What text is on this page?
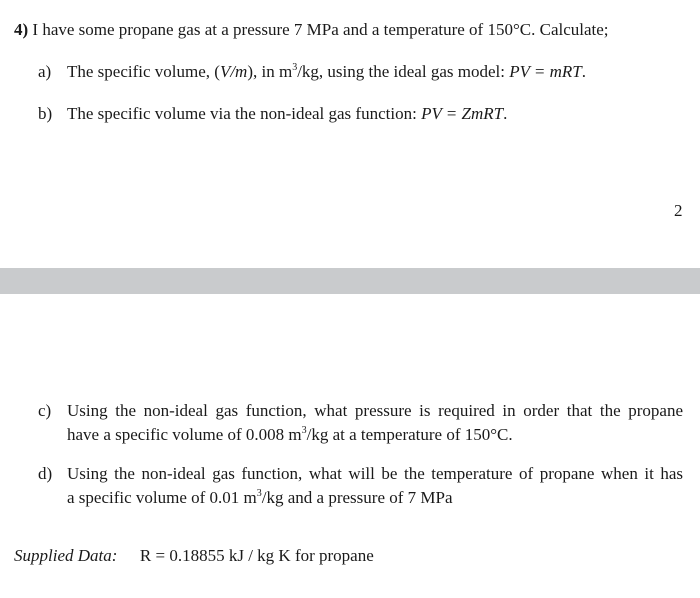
4) I have some propane gas at a pressure 7 MPa and a temperature of 150°C. Calculate;
a) The specific volume, (V/m), in $m^3/kg$, using the ideal gas model: PV = mRT.
b) The specific volume via the non-ideal gas function: PV = ZmRT.
2
c) Using the non-ideal gas function, what pressure is required in order that the propane
have a specific volume of 0.008 $m^3/kg$ at a temperature of 150°C.
d) Using the non-ideal gas function, what will be the temperature of propane when it has
a specific volume of 0.01 $m^3/kg$ and a pressure of 7 MPa
Supplied Data: R = 0.18855 kJ / kg K for propane
